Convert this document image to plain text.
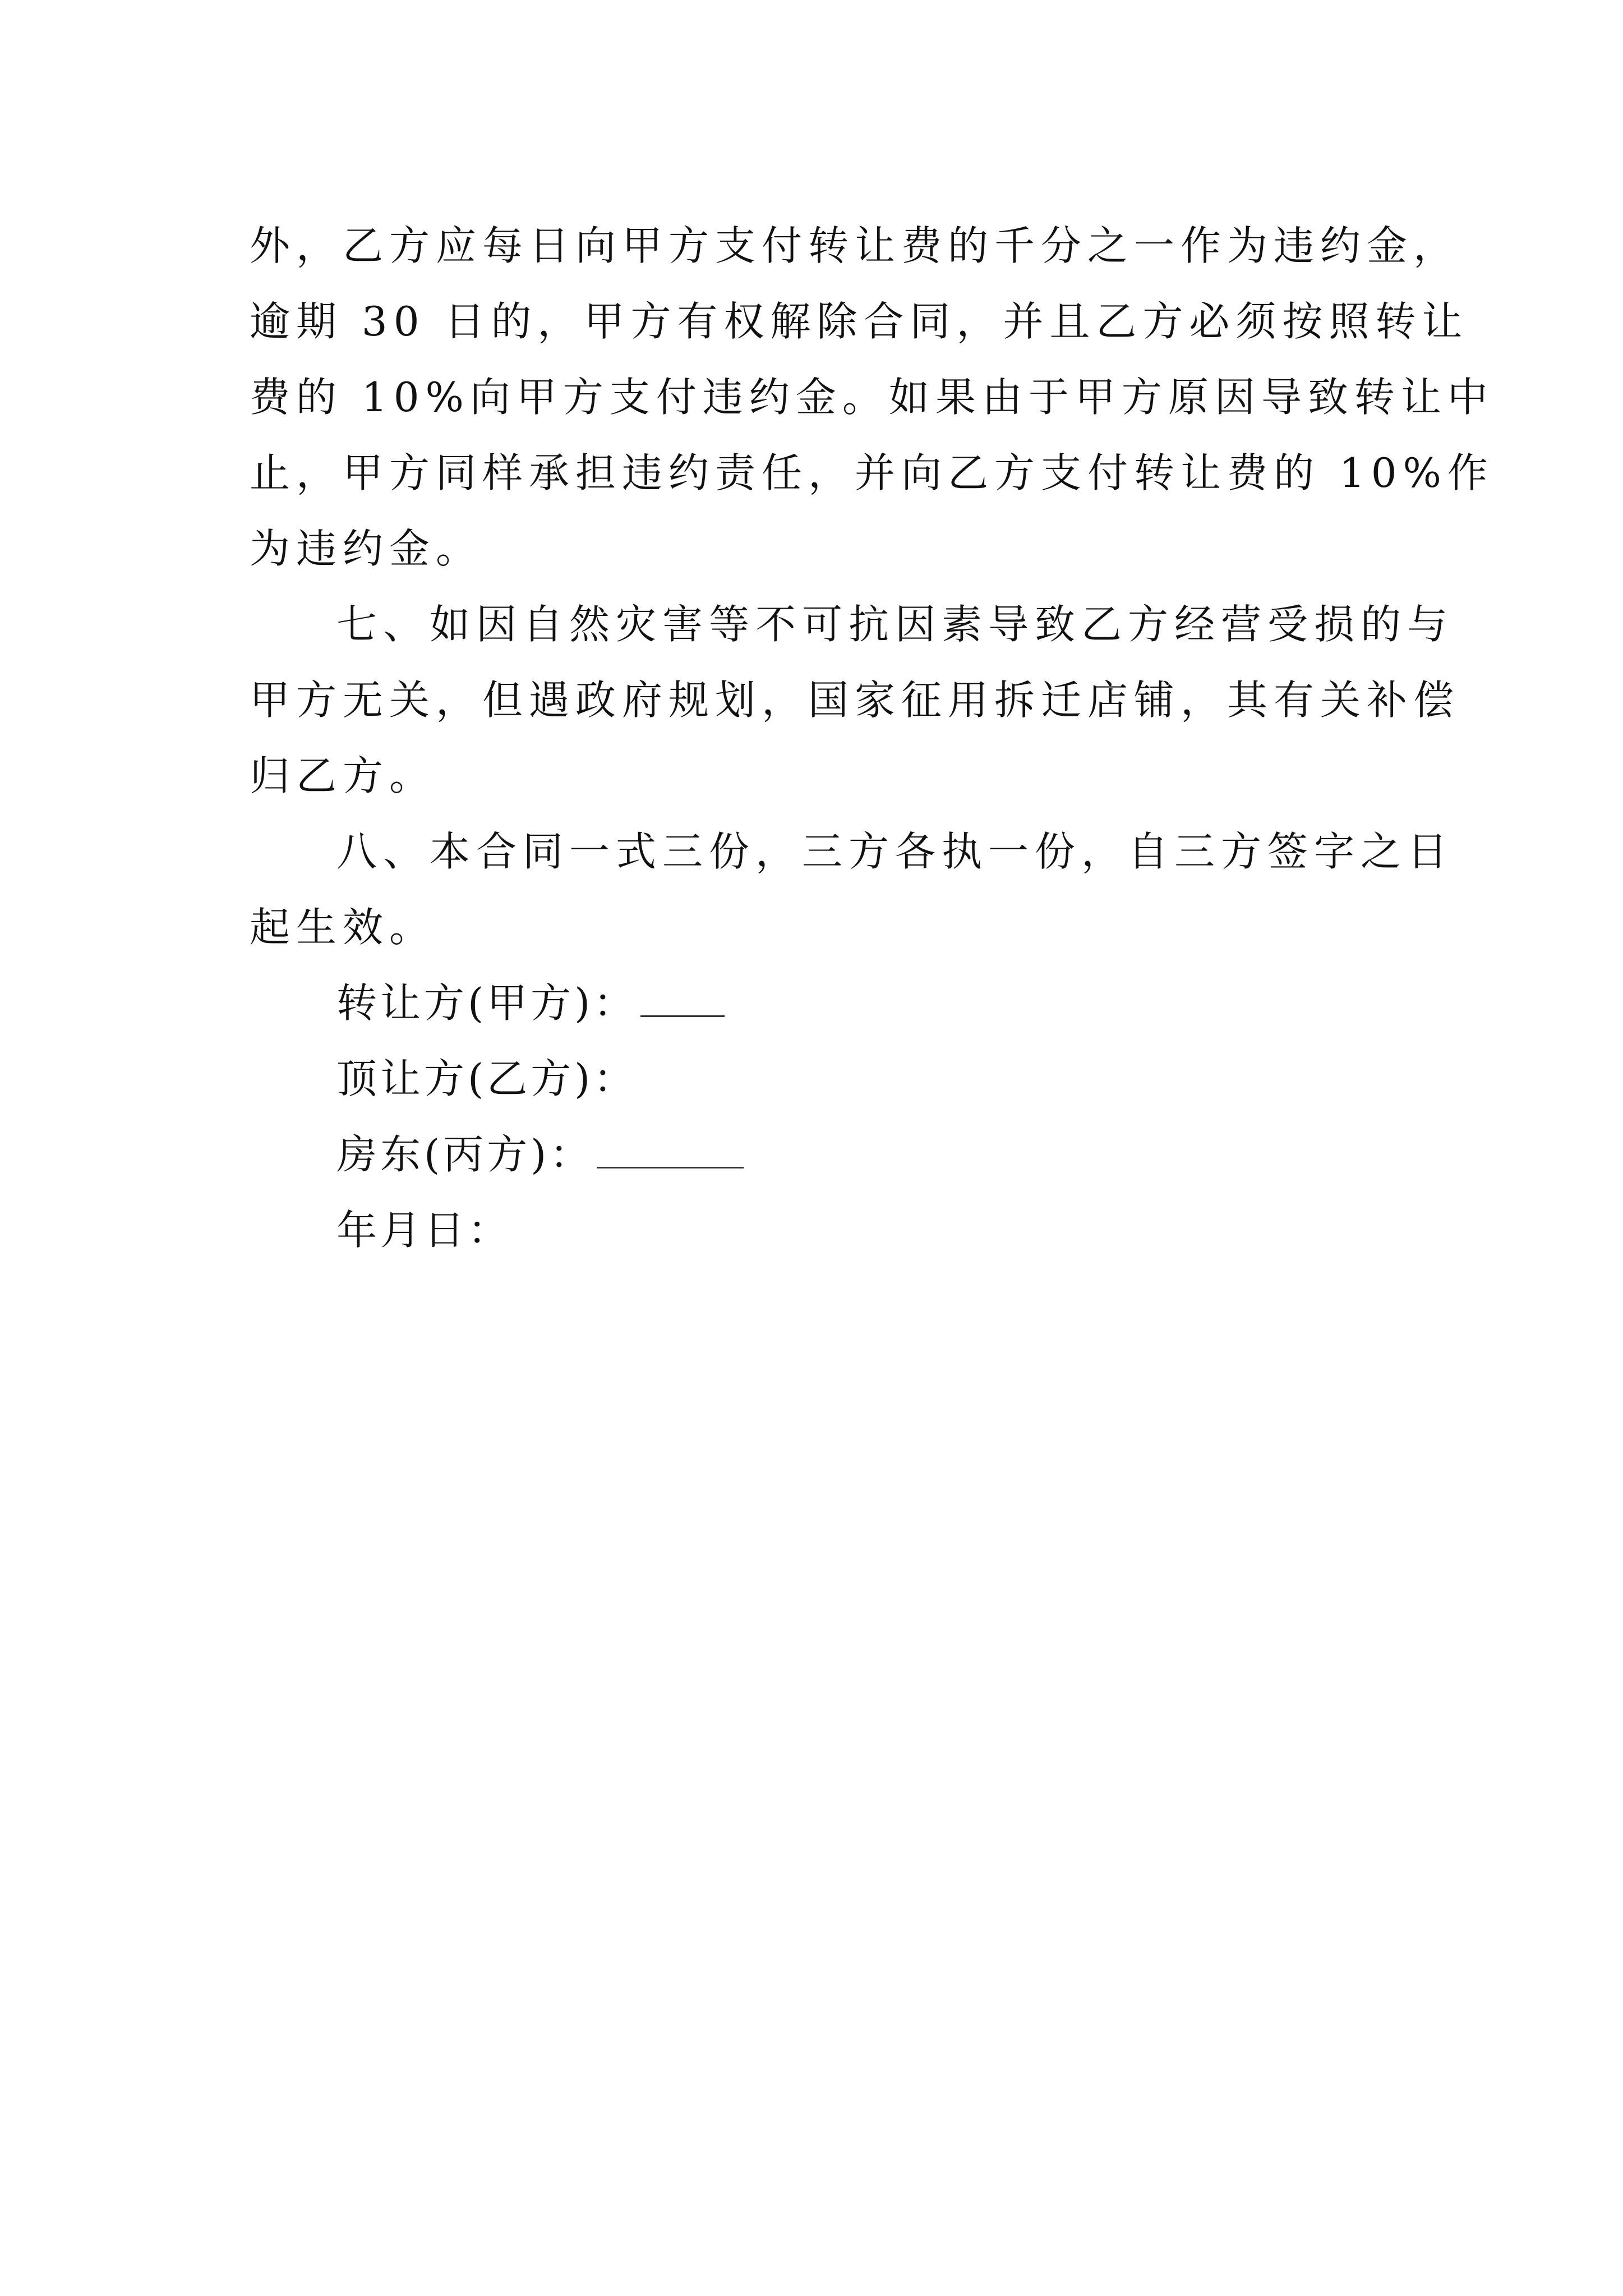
外，乙方应每日向甲方支付转让费的千分之一作为违约金，
逾期 30 日的，甲方有权解除合同，并且乙方必须按照转让
费的 10%向甲方支付违约金。如果由于甲方原因导致转让中
止，甲方同样承担违约责任，并向乙方支付转让费的 10%作
为违约金。
七、如因自然灾害等不可抗因素导致乙方经营受损的与
甲方无关，但遇政府规划，国家征用拆迁店铺，其有关补偿
归乙方。
八、本合同一式三份，三方各执一份，自三方签字之日
起生效。
转让方(甲方)：
顶让方(乙方)：
房东(丙方)：
年月日：
